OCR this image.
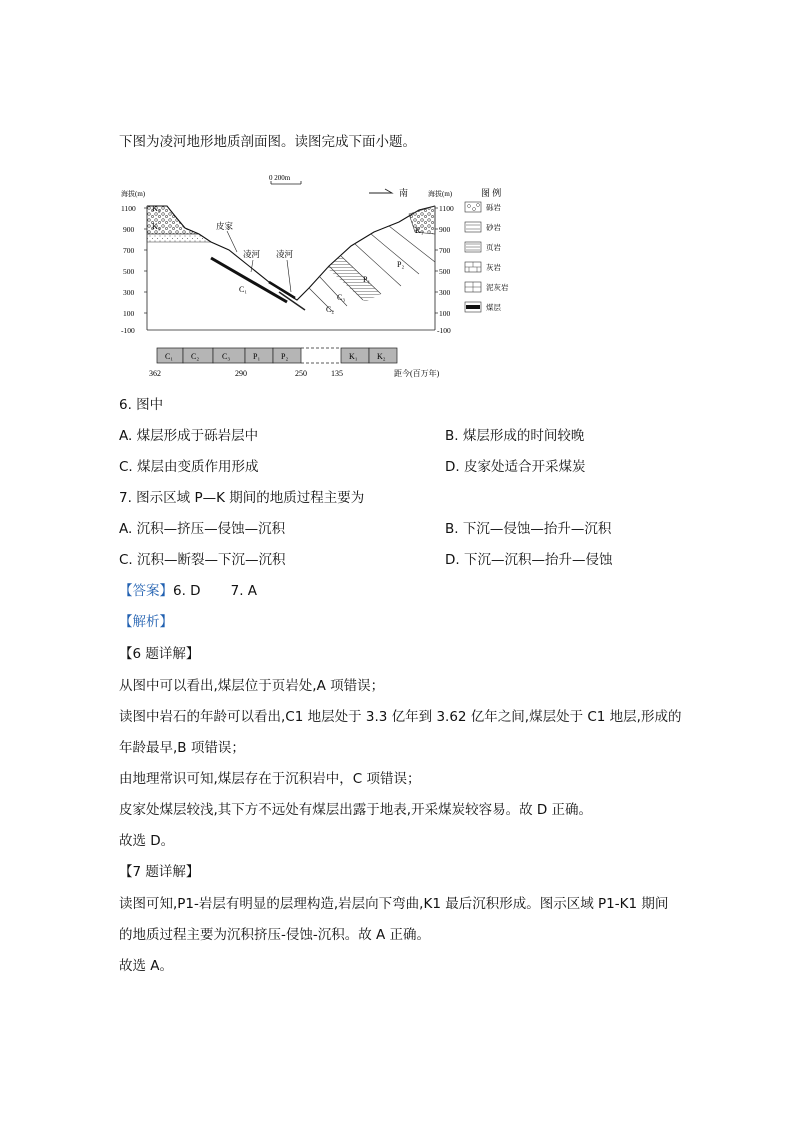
下图为凌河地形地质剖面图。读图完成下面小题。
海拔(m)
1100
900
700
500
300
100
-100
0 200m
南	海拔(m)
1100
900
700
500
300
100
-100
皮家
凌河 凌河
K₂
K₁
C₁
C₃
C₂
P₁
P₂
K₁
图 例
C₁ C₂	C₃	P₁	P₂	K₁ K₂
362	290	250	135	距今(百万年)
砾岩
砂岩
页岩
灰岩
泥灰岩
煤层
6. 图中
A. 煤层形成于砾岩层中	B. 煤层形成的时间较晚
C. 煤层由变质作用形成	D. 皮家处适合开采煤炭
7. 图示区域 P—K 期间的地质过程主要为
A. 沉积—挤压—侵蚀—沉积	B. 下沉—侵蚀—抬升—沉积
C. 沉积—断裂—下沉—沉积	D. 下沉—沉积—抬升—侵蚀
【答案】6. D       7. A
【解析】
【6 题详解】
从图中可以看出,煤层位于页岩处,A 项错误；
读图中岩石的年龄可以看出,C1 地层处于 3.3 亿年到 3.62 亿年之间,煤层处于 C1 地层,形成的
年龄最早,B 项错误；
由地理常识可知,煤层存在于沉积岩中，C 项错误；
皮家处煤层较浅,其下方不远处有煤层出露于地表,开采煤炭较容易。故 D 正确。
故选 D。
【7 题详解】
读图可知,P1-岩层有明显的层理构造,岩层向下弯曲,K1 最后沉积形成。图示区域 P1-K1 期间
的地质过程主要为沉积挤压-侵蚀-沉积。故 A 正确。
故选 A。
